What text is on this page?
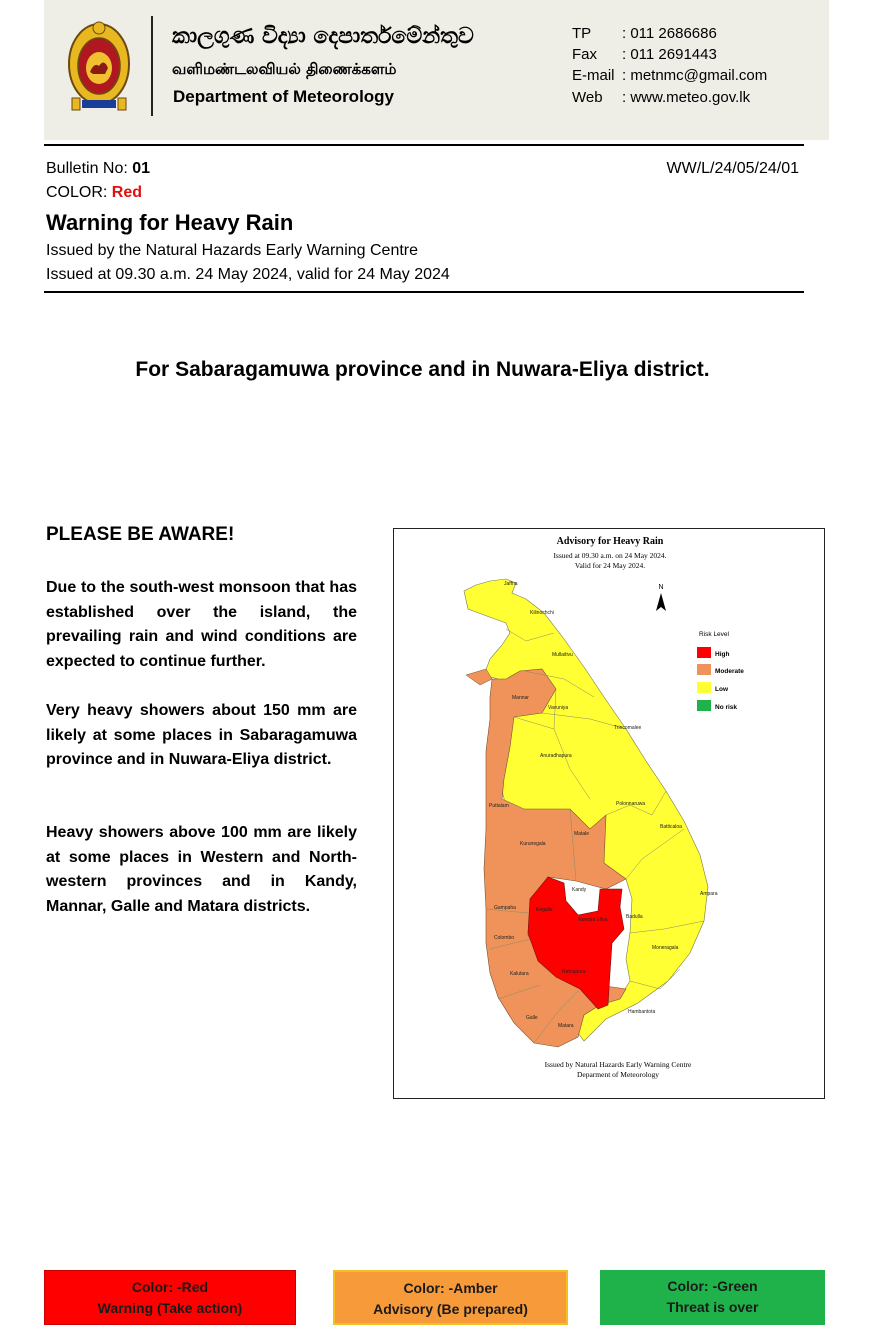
කාලගුණ විද්‍යා දෙපාර්තමේන්තුව
வளிமண்டலவியல் திணைக்களம்
Department of Meteorology
TP : 011 2686686
Fax : 011 2691443
E-mail : metnmc@gmail.com
Web : www.meteo.gov.lk
Bulletin No: 01	WW/L/24/05/24/01
COLOR: Red
Warning for Heavy Rain
Issued by the Natural Hazards Early Warning Centre
Issued at 09.30 a.m. 24 May 2024, valid for 24 May 2024
For Sabaragamuwa province and in Nuwara-Eliya district.
PLEASE BE AWARE!
Due to the south-west monsoon that has established over the island, the prevailing rain and wind conditions are expected to continue further.
Very heavy showers about 150 mm are likely at some places in Sabaragamuwa province and in Nuwara-Eliya district.
Heavy showers above 100 mm are likely at some places in Western and North-western provinces and in Kandy, Mannar, Galle and Matara districts.
Advisory for Heavy Rain
Issued at 09.30 a.m. on 24 May 2024.
Valid for 24 May 2024.
N
Risk Level
High
Moderate
Low
No risk
Jaffna
Kilinochchi
Mullaitivu
Mannar
Vavuniya
Trincomalee
Anuradhapura
Puttalam	Polonnaruwa
Batticaloa
Matale
Kurunegala
Kandy
Ampara
Gampaha	Kegalle
Nuwara Eliya	Badulla
Colombo
Moneragala
Kalutara	Ratnapura
Hambantota
Galle
Matara
Issued by Natural Hazards Early Warning Centre
Deparment of Meteorology
Color: -Red
Warning (Take action)
Color: -Amber
Advisory (Be prepared)
Color: -Green
Threat is over
